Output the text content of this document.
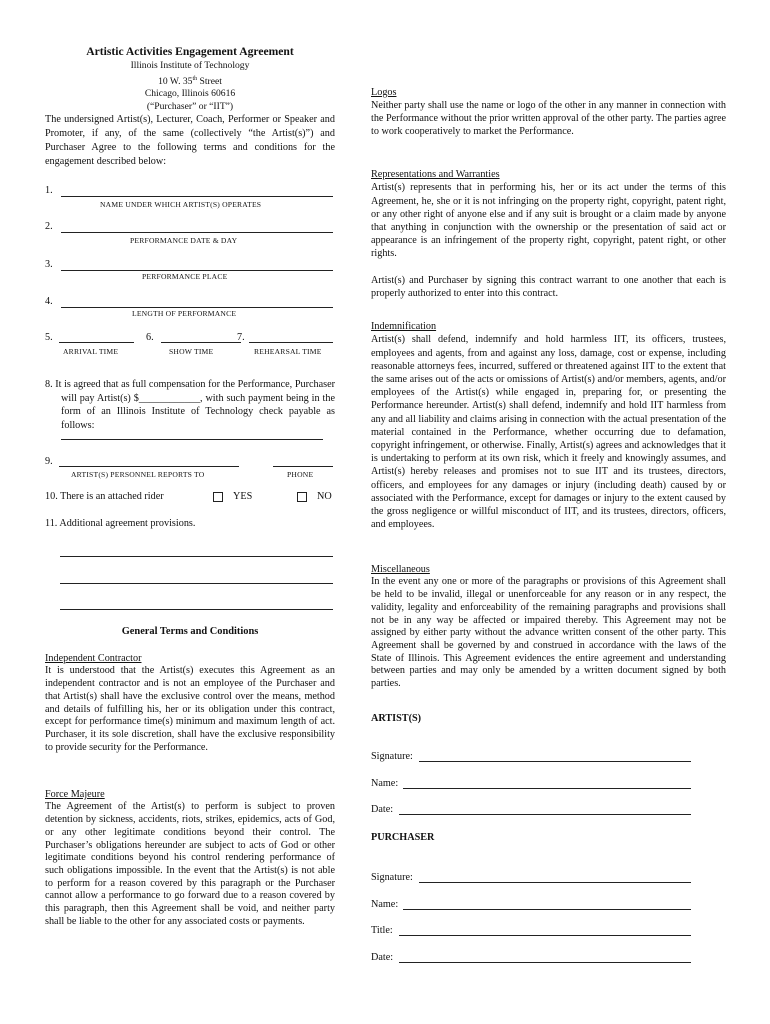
Artistic Activities Engagement Agreement
Illinois Institute of Technology
10 W. 35th Street
Chicago, Illinois 60616
(“Purchaser” or “IIT”)

The undersigned Artist(s), Lecturer, Coach, Performer or Speaker and Promoter, if any, of the same (collectively “the Artist(s)”) and Purchaser Agree to the following terms and conditions for the engagement described below:

1.
NAME UNDER WHICH ARTIST(S) OPERATES
2.
PERFORMANCE DATE & DAY
3.
PERFORMANCE PLACE
4.
LENGTH OF PERFORMANCE
5.
ARRIVAL TIME
6.
SHOW TIME
7.
REHEARSAL TIME

8. It is agreed that as full compensation for the Performance, Purchaser will pay Artist(s) $____________, with such payment being in the form of an Illinois Institute of Technology check payable as follows:

9.
ARTIST(S) PERSONNEL REPORTS TO	PHONE
10. There is an attached rider	YES	NO
11. Additional agreement provisions.
General Terms and Conditions
Independent Contractor

It is understood that the Artist(s) executes this Agreement as an independent contractor and is not an employee of the Purchaser and that Artist(s) shall have the exclusive control over the means, method and details of fulfilling his, her or its obligation under this contract, except for performance time(s) minimum and maximum length of act. Purchaser, it its sole discretion, shall have the exclusive responsibility to provide security for the Performance.

Force Majeure

The Agreement of the Artist(s) to perform is subject to proven detention by sickness, accidents, riots, strikes, epidemics, acts of God, or any other legitimate conditions beyond their control. The Purchaser’s obligations hereunder are subject to acts of God or other legitimate conditions beyond his control rendering performance of such obligations impossible. In the event that the Artist(s) is not able to perform for a reason covered by this paragraph or the Purchaser cannot allow a performance to go forward due to a reason covered by this paragraph, then this Agreement shall be void, and neither party shall be liable to the other for any associated costs or payments.

Logos

Neither party shall use the name or logo of the other in any manner in connection with the Performance without the prior written approval of the other party. The parties agree to work cooperatively to market the Performance.

Representations and Warranties

Artist(s) represents that in performing his, her or its act under the terms of this Agreement, he, she or it is not infringing on the property right, copyright, patent right, or any other right of anyone else and if any suit is brought or a claim made by anyone that anything in conjunction with the ownership or the presentation of said act or appearance is an infringement of the property right, copyright, patent right, or other rights.

Artist(s) and Purchaser by signing this contract warrant to one another that each is properly authorized to enter into this contract.

Indemnification

Artist(s) shall defend, indemnify and hold harmless IIT, its officers, trustees, employees and agents, from and against any loss, damage, cost or expense, including reasonable attorneys fees, incurred, suffered or threatened against IIT to the extent that the same arises out of the acts or omissions of Artist(s) and/or members, agents, and/or employees of the Artist(s) while engaged in, preparing for, or presenting the Performance hereunder. Artist(s) shall defend, indemnify and hold IIT harmless from any and all liability and claims arising in connection with the actual presentation of the material contained in the Performance, whether occurring due to defamation, copyright infringement, or otherwise. Finally, Artist(s) agrees and acknowledges that it is undertaking to perform at its own risk, which it freely and knowingly assumes, and Artist(s) hereby releases and promises not to sue IIT and its trustees, directors, officers, and employees for any damages or injury (including death) caused by or associated with the Performance, except for damages or injury to the extent caused by the gross negligence or willful misconduct of IIT, and its trustees, directors, officers, and employees.

Miscellaneous

In the event any one or more of the paragraphs or provisions of this Agreement shall be held to be invalid, illegal or unenforceable for any reason or in any respect, the validity, legality and enforceability of the remaining paragraphs and provisions shall not be in any way be affected or impaired thereby. This Agreement may not be assigned by either party without the advance written consent of the other party. This Agreement shall be governed by and construed in accordance with the laws of the State of Illinois. This Agreement evidences the entire agreement and understanding between parties and may only be amended by a written document signed by both parties.

ARTIST(S)
Signature:
Name:
Date:
PURCHASER
Signature:
Name:
Title:
Date:
